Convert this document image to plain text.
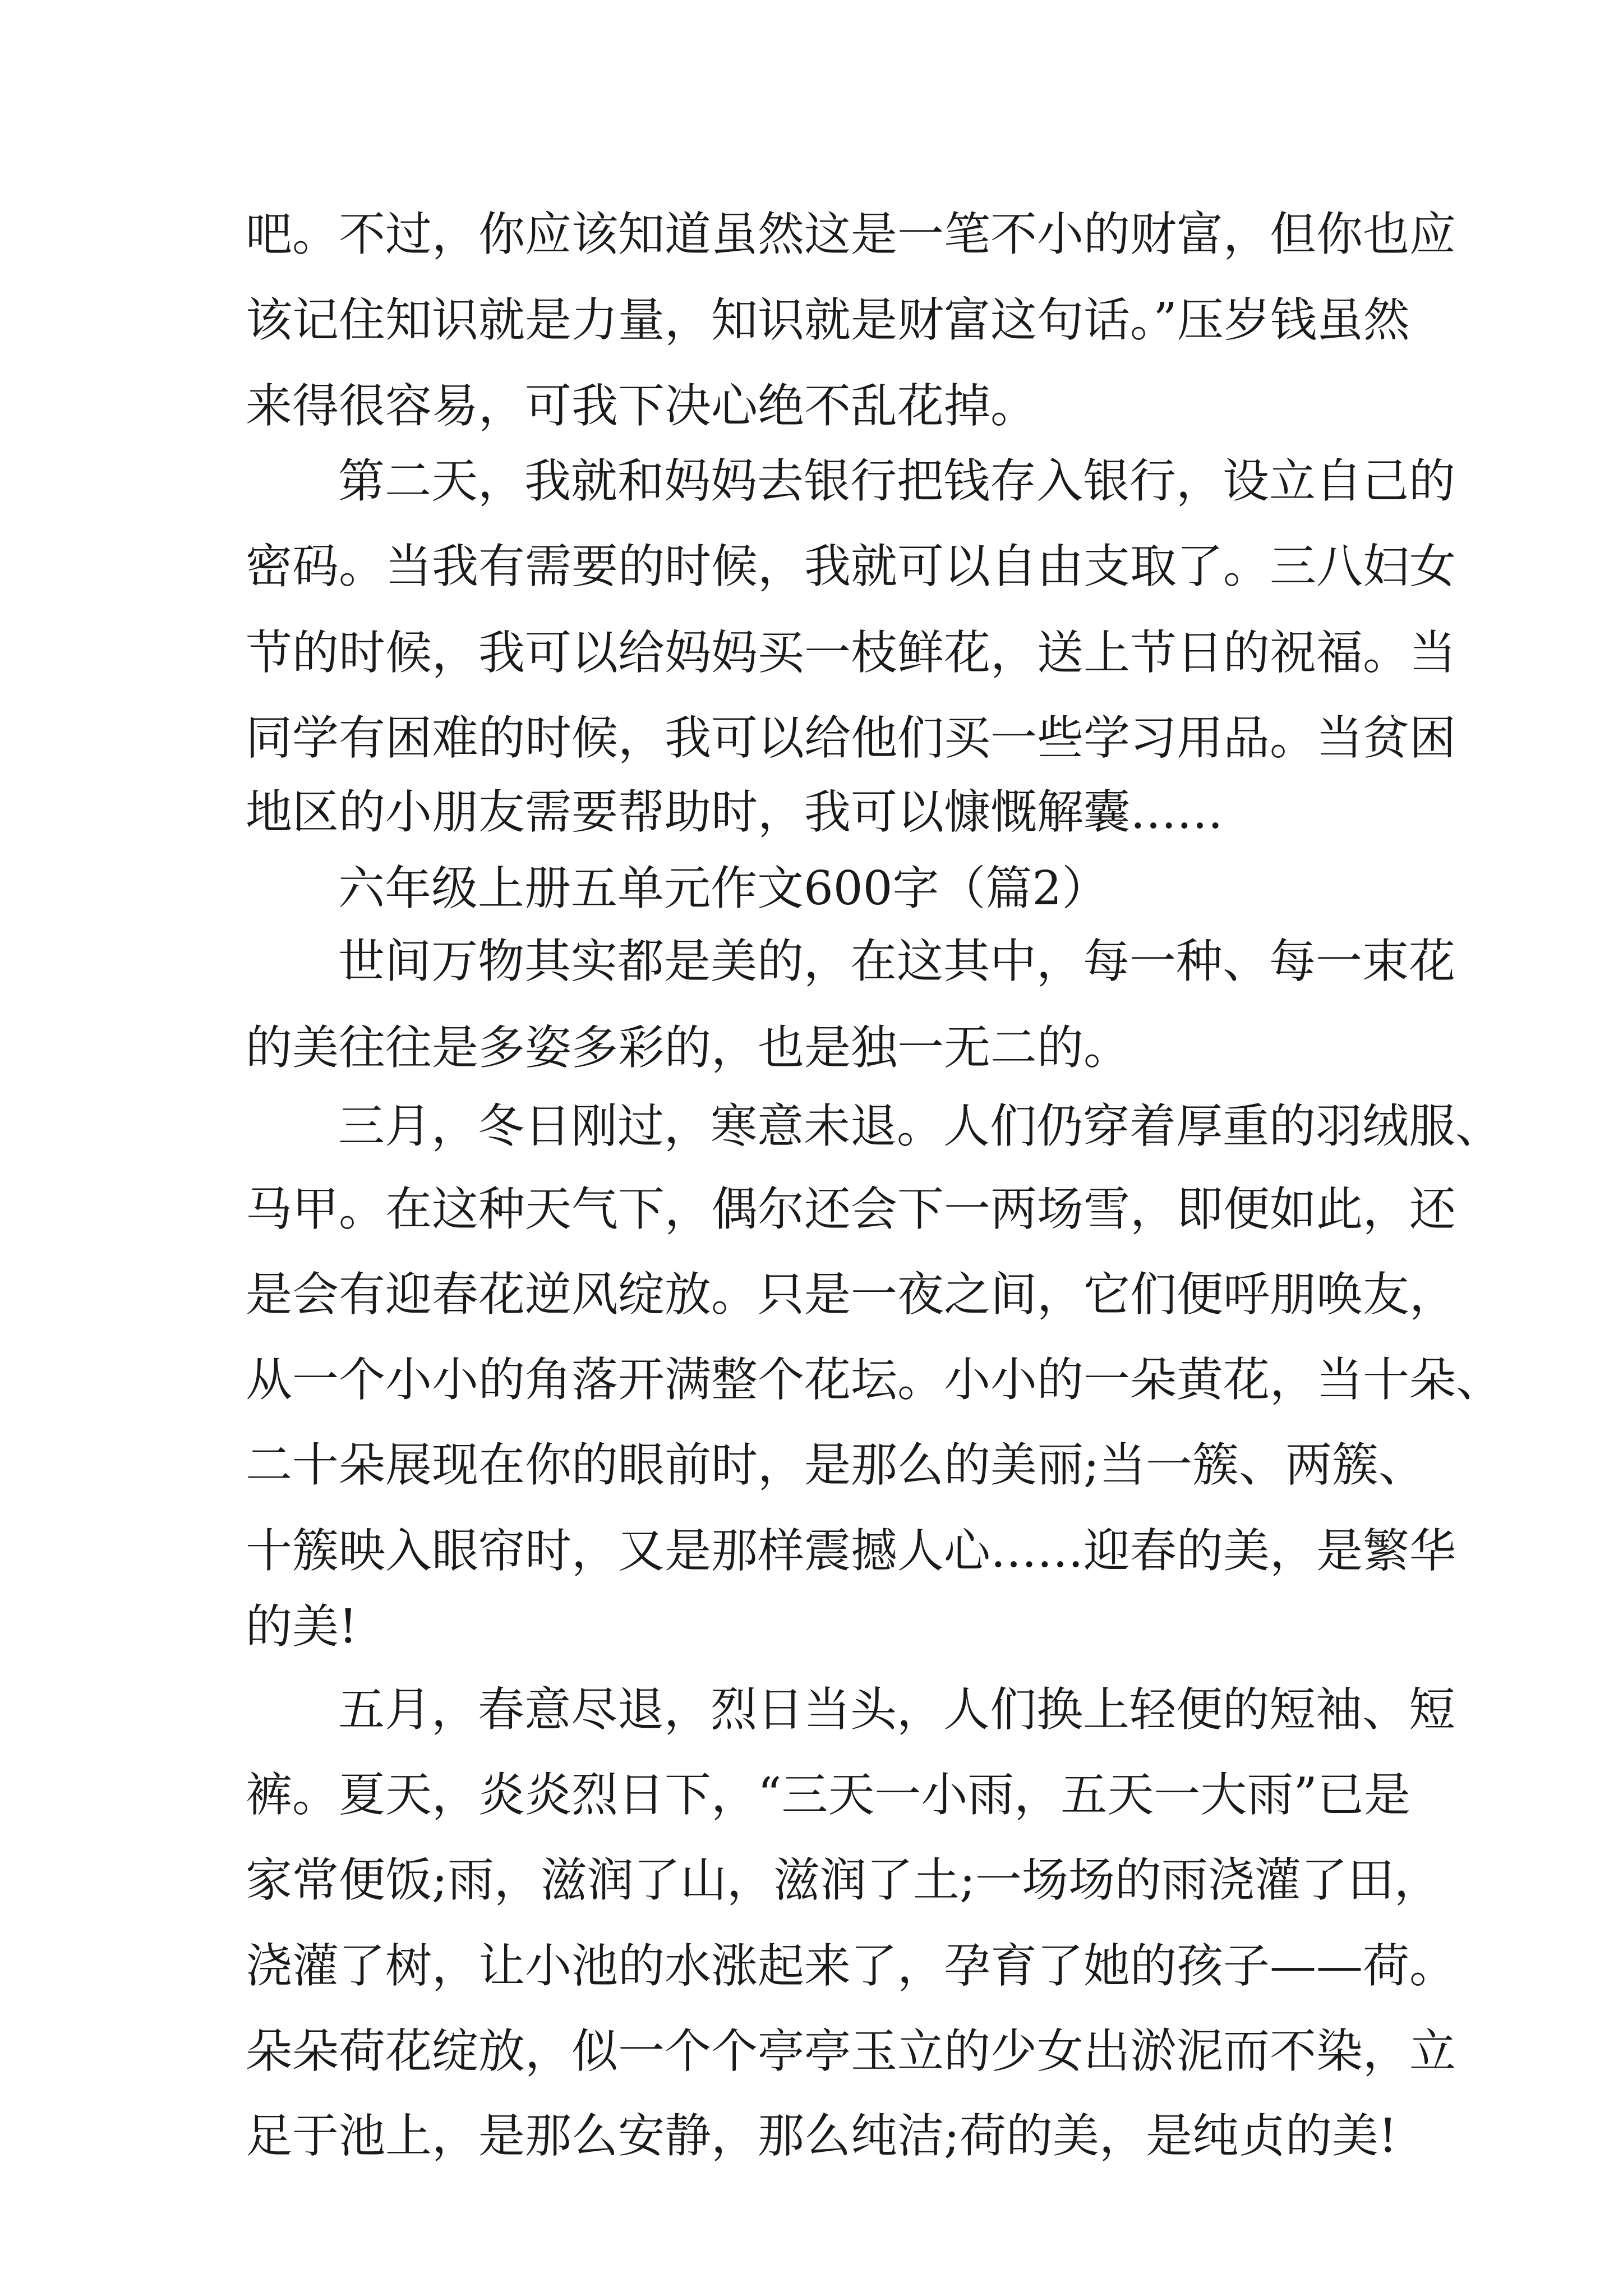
吧。不过，你应该知道虽然这是一笔不小的财富，但你也应

该记住知识就是力量，知识就是财富这句话。”压岁钱虽然

来得很容易，可我下决心绝不乱花掉。

第二天，我就和妈妈去银行把钱存入银行，设立自己的

密码。当我有需要的时候，我就可以自由支取了。三八妇女

节的时候，我可以给妈妈买一枝鲜花，送上节日的祝福。当

同学有困难的时候，我可以给他们买一些学习用品。当贫困

地区的小朋友需要帮助时，我可以慷慨解囊……

六年级上册五单元作文600字（篇2）

世间万物其实都是美的，在这其中，每一种、每一束花

的美往往是多姿多彩的，也是独一无二的。

三月，冬日刚过，寒意未退。人们仍穿着厚重的羽绒服、

马甲。在这种天气下，偶尔还会下一两场雪，即便如此，还

是会有迎春花逆风绽放。只是一夜之间，它们便呼朋唤友，

从一个小小的角落开满整个花坛。小小的一朵黄花，当十朵、

二十朵展现在你的眼前时，是那么的美丽;当一簇、两簇、

十簇映入眼帘时，又是那样震撼人心……迎春的美，是繁华

的美!

五月，春意尽退，烈日当头，人们换上轻便的短袖、短

裤。夏天，炎炎烈日下，“三天一小雨，五天一大雨”已是

家常便饭;雨，滋润了山，滋润了土;一场场的雨浇灌了田，

浇灌了树，让小池的水涨起来了，孕育了她的孩子——荷。

朵朵荷花绽放，似一个个亭亭玉立的少女出淤泥而不染，立

足于池上，是那么安静，那么纯洁;荷的美，是纯贞的美!
